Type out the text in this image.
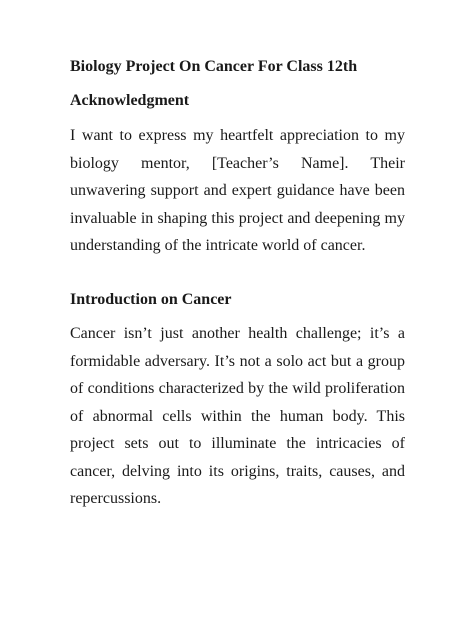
Biology Project On Cancer For Class 12th
Acknowledgment

I want to express my heartfelt appreciation to my biology mentor, [Teacher’s Name]. Their unwavering support and expert guidance have been invaluable in shaping this project and deepening my understanding of the intricate world of cancer.

Introduction on Cancer

Cancer isn’t just another health challenge; it’s a formidable adversary. It’s not a solo act but a group of conditions characterized by the wild proliferation of abnormal cells within the human body. This project sets out to illuminate the intricacies of cancer, delving into its origins, traits, causes, and repercussions.
